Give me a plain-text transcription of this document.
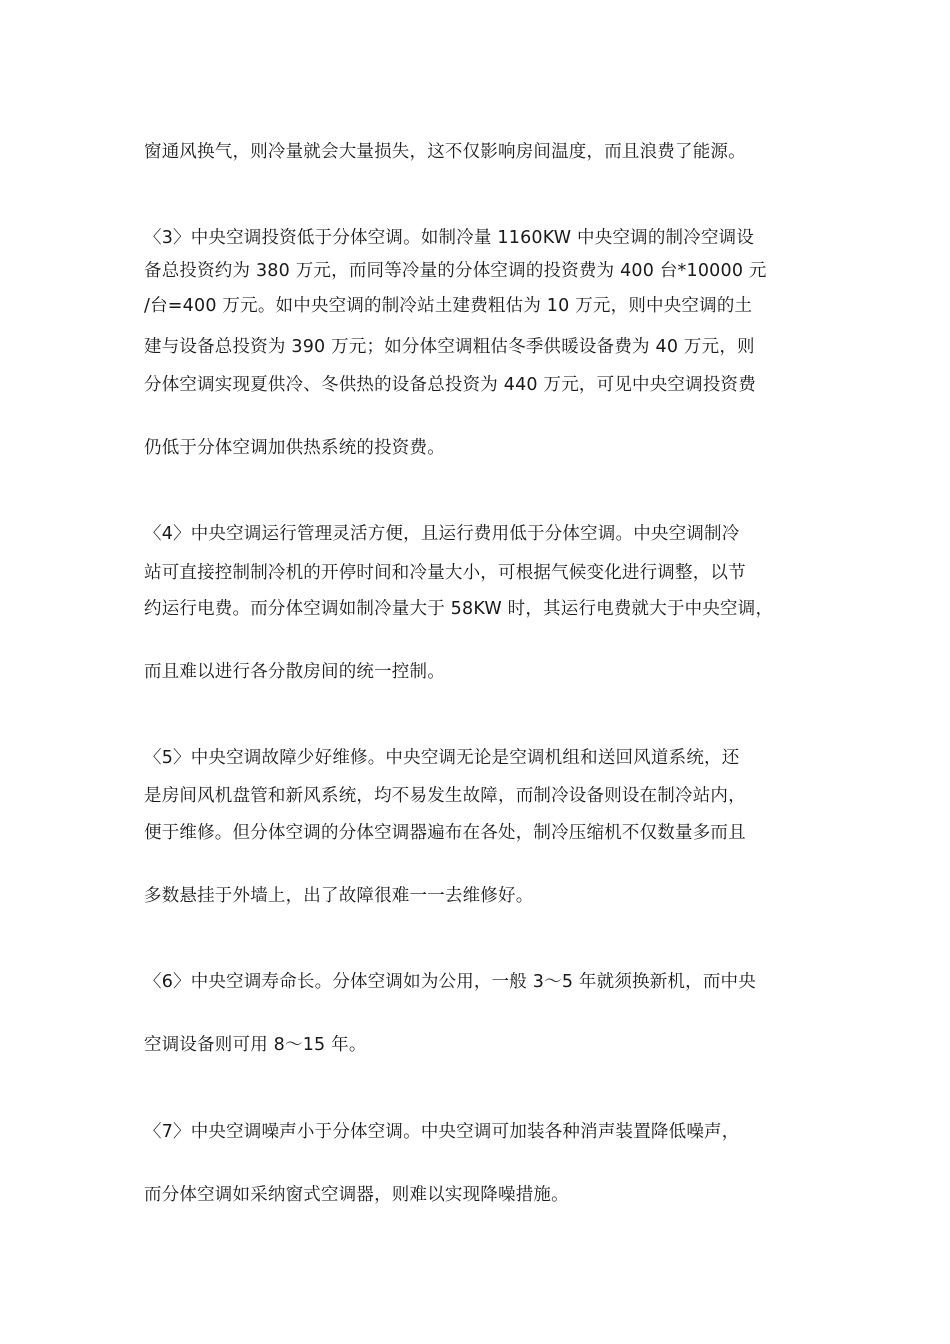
窗通风换气，则冷量就会大量损失，这不仅影响房间温度，而且浪费了能源。
〈3〉中央空调投资低于分体空调。如制冷量 1160KW 中央空调的制冷空调设
备总投资约为 380 万元，而同等冷量的分体空调的投资费为 400 台*10000 元
/台=400 万元。如中央空调的制冷站土建费粗估为 10 万元，则中央空调的土
建与设备总投资为 390 万元；如分体空调粗估冬季供暖设备费为 40 万元，则
分体空调实现夏供冷、冬供热的设备总投资为 440 万元，可见中央空调投资费
仍低于分体空调加供热系统的投资费。
〈4〉中央空调运行管理灵活方便，且运行费用低于分体空调。中央空调制冷
站可直接控制制冷机的开停时间和冷量大小，可根据气候变化进行调整，以节
约运行电费。而分体空调如制冷量大于 58KW 时，其运行电费就大于中央空调，
而且难以进行各分散房间的统一控制。
〈5〉中央空调故障少好维修。中央空调无论是空调机组和送回风道系统，还
是房间风机盘管和新风系统，均不易发生故障，而制冷设备则设在制冷站内，
便于维修。但分体空调的分体空调器遍布在各处，制冷压缩机不仅数量多而且
多数悬挂于外墙上，出了故障很难一一去维修好。
〈6〉中央空调寿命长。分体空调如为公用，一般 3～5 年就须换新机，而中央
空调设备则可用 8～15 年。
〈7〉中央空调噪声小于分体空调。中央空调可加装各种消声装置降低噪声，
而分体空调如采纳窗式空调器，则难以实现降噪措施。
